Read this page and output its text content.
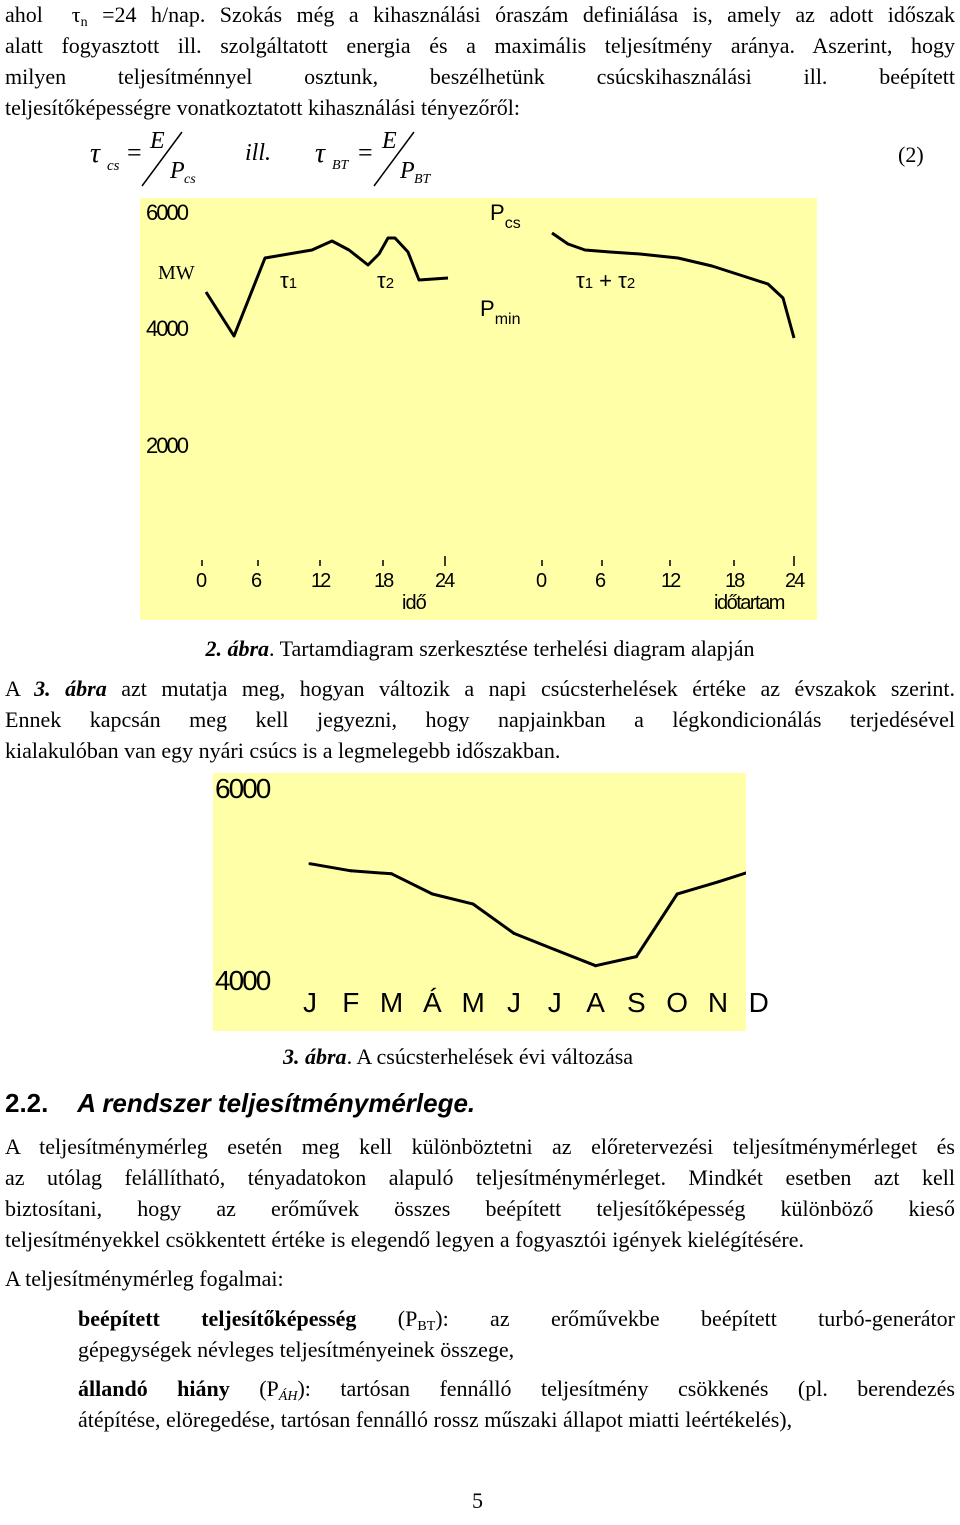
ahol $\tau_n =24$ h/nap. Szokás még a kihasználási óraszám definiálása is, amely az adott időszak
alatt fogyasztott ill. szolgáltatott energia és a maximális teljesítmény aránya. Aszerint, hogy
milyen teljesítménnyel osztunk, beszélhetünk csúcskihasználási ill. beépített
teljesítőképességre vonatkoztatott kihasználási tényezőről:
τ cs = E
P cs
ill. τ BT = E
P BT
(2)
6000
MW
4000
2000
τ1	τ2	τ1 + τ2
$P_{cs}$
$P_{min}$
0 6 12 18 24
idő
0 6	12 18 24
időtartam
2. ábra. Tartamdiagram szerkesztése terhelési diagram alapján
A 3. ábra azt mutatja meg, hogyan változik a napi csúcsterhelések értéke az évszakok szerint.
Ennek kapcsán meg kell jegyezni, hogy napjainkban a légkondicionálás terjedésével
kialakulóban van egy nyári csúcs is a legmelegebb időszakban.
6000
4000
J F M Á M J J A S O N D
3. ábra. A csúcsterhelések évi változása
2.2. A rendszer teljesítménymérlege.
A teljesítménymérleg esetén meg kell különböztetni az előretervezési teljesítménymérleget és
az utólag felállítható, tényadatokon alapuló teljesítménymérleget. Mindkét esetben azt kell
biztosítani, hogy az erőművek összes beépített teljesítőképesség különböző kieső
teljesítményekkel csökkentett értéke is elegendő legyen a fogyasztói igények kielégítésére.
A teljesítménymérleg fogalmai:
beépített teljesítőképesség $(P_{BT})$: az erőművekbe beépített turbó-generátor
gépegységek névleges teljesítményeinek összege,
állandó hiány $(P_{ÁH})$: tartósan fennálló teljesítmény csökkenés (pl. berendezés
átépítése, elöregedése, tartósan fennálló rossz műszaki állapot miatti leértékelés),
5
